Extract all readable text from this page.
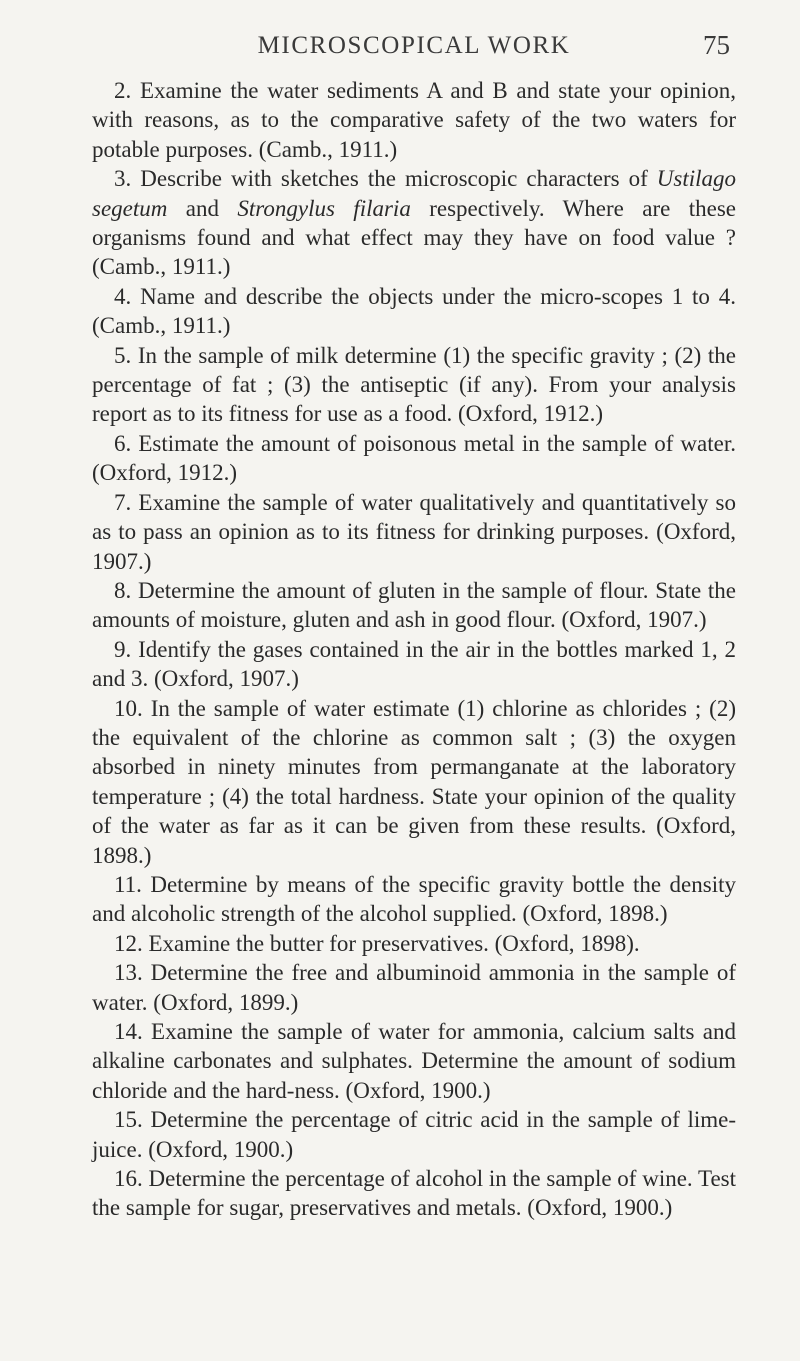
MICROSCOPICAL WORK	75

2. Examine the water sediments A and B and state your opinion, with reasons, as to the comparative safety of the two waters for potable purposes. (Camb., 1911.)

3. Describe with sketches the microscopic characters of Ustilago segetum and Strongylus filaria respectively. Where are these organisms found and what effect may they have on food value ? (Camb., 1911.)

4. Name and describe the objects under the micro-scopes 1 to 4. (Camb., 1911.)

5. In the sample of milk determine (1) the specific gravity ; (2) the percentage of fat ; (3) the antiseptic (if any). From your analysis report as to its fitness for use as a food. (Oxford, 1912.)

6. Estimate the amount of poisonous metal in the sample of water. (Oxford, 1912.)

7. Examine the sample of water qualitatively and quantitatively so as to pass an opinion as to its fitness for drinking purposes. (Oxford, 1907.)

8. Determine the amount of gluten in the sample of flour. State the amounts of moisture, gluten and ash in good flour. (Oxford, 1907.)

9. Identify the gases contained in the air in the bottles marked 1, 2 and 3. (Oxford, 1907.)

10. In the sample of water estimate (1) chlorine as chlorides ; (2) the equivalent of the chlorine as common salt ; (3) the oxygen absorbed in ninety minutes from permanganate at the laboratory temperature ; (4) the total hardness. State your opinion of the quality of the water as far as it can be given from these results. (Oxford, 1898.)

11. Determine by means of the specific gravity bottle the density and alcoholic strength of the alcohol supplied. (Oxford, 1898.)

12. Examine the butter for preservatives. (Oxford, 1898).

13. Determine the free and albuminoid ammonia in the sample of water. (Oxford, 1899.)

14. Examine the sample of water for ammonia, calcium salts and alkaline carbonates and sulphates. Determine the amount of sodium chloride and the hard-ness. (Oxford, 1900.)

15. Determine the percentage of citric acid in the sample of lime-juice. (Oxford, 1900.)

16. Determine the percentage of alcohol in the sample of wine. Test the sample for sugar, preservatives and metals. (Oxford, 1900.)
